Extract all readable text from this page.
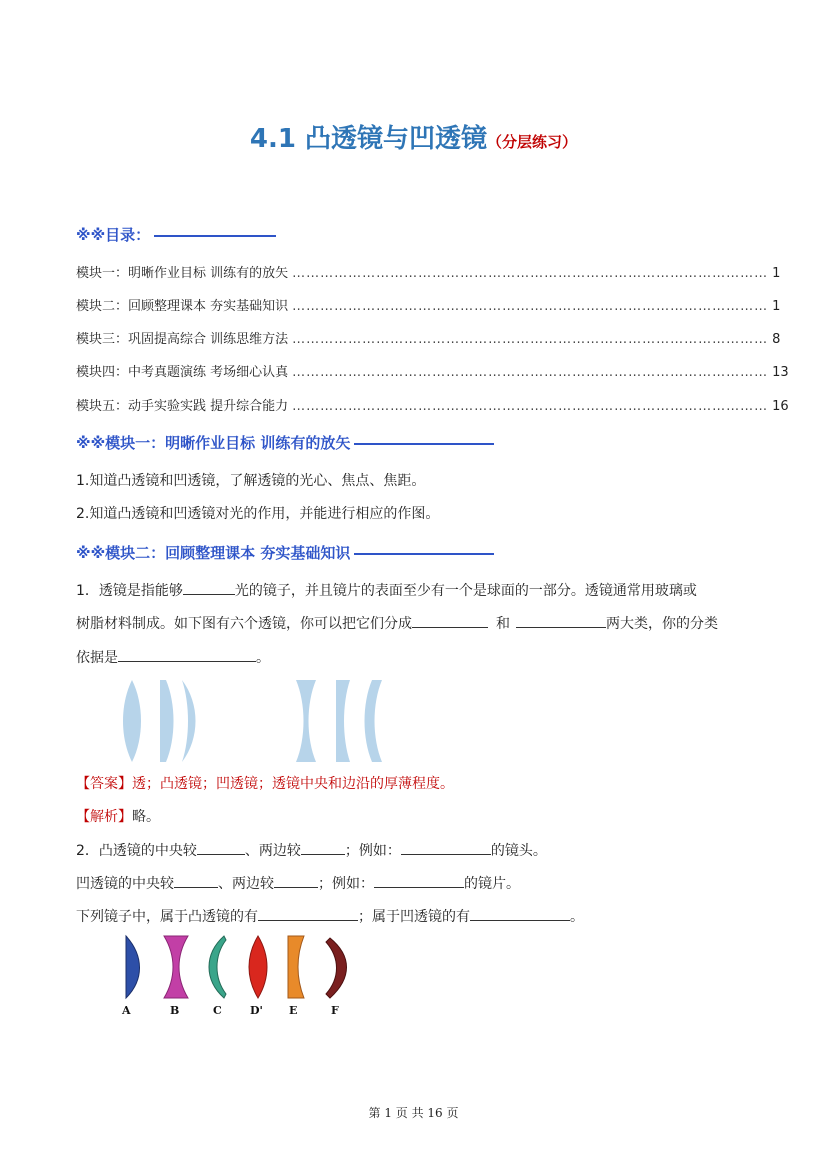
4.1 凸透镜与凹透镜（分层练习）
※※目录：
模块一：明晰作业目标 训练有的放矢 ………………………………………………………………………………………… 1
模块二：回顾整理课本 夯实基础知识 ………………………………………………………………………………………… 1
模块三：巩固提高综合 训练思维方法 ………………………………………………………………………………………… 8
模块四：中考真题演练 考场细心认真 ………………………………………………………………………………………… 13
模块五：动手实验实践 提升综合能力 ………………………………………………………………………………………… 16
※※模块一：明晰作业目标 训练有的放矢
1.知道凸透镜和凹透镜，了解透镜的光心、焦点、焦距。
2.知道凸透镜和凹透镜对光的作用，并能进行相应的作图。
※※模块二：回顾整理课本 夯实基础知识
1．透镜是指能够	光的镜子，并且镜片的表面至少有一个是球面的一部分。透镜通常用玻璃或
树脂材料制成。如下图有六个透镜，你可以把它们分成	和	两大类，你的分类
依据是	。
【答案】透；凸透镜；凹透镜；透镜中央和边沿的厚薄程度。
【解析】略。
2．凸透镜的中央较	、两边较	；例如：	的镜头。
凹透镜的中央较	、两边较	；例如：	的镜片。
下列镜子中，属于凸透镜的有	；属于凹透镜的有	。
A	B	C	D' E	F
第 1 页 共 16 页
